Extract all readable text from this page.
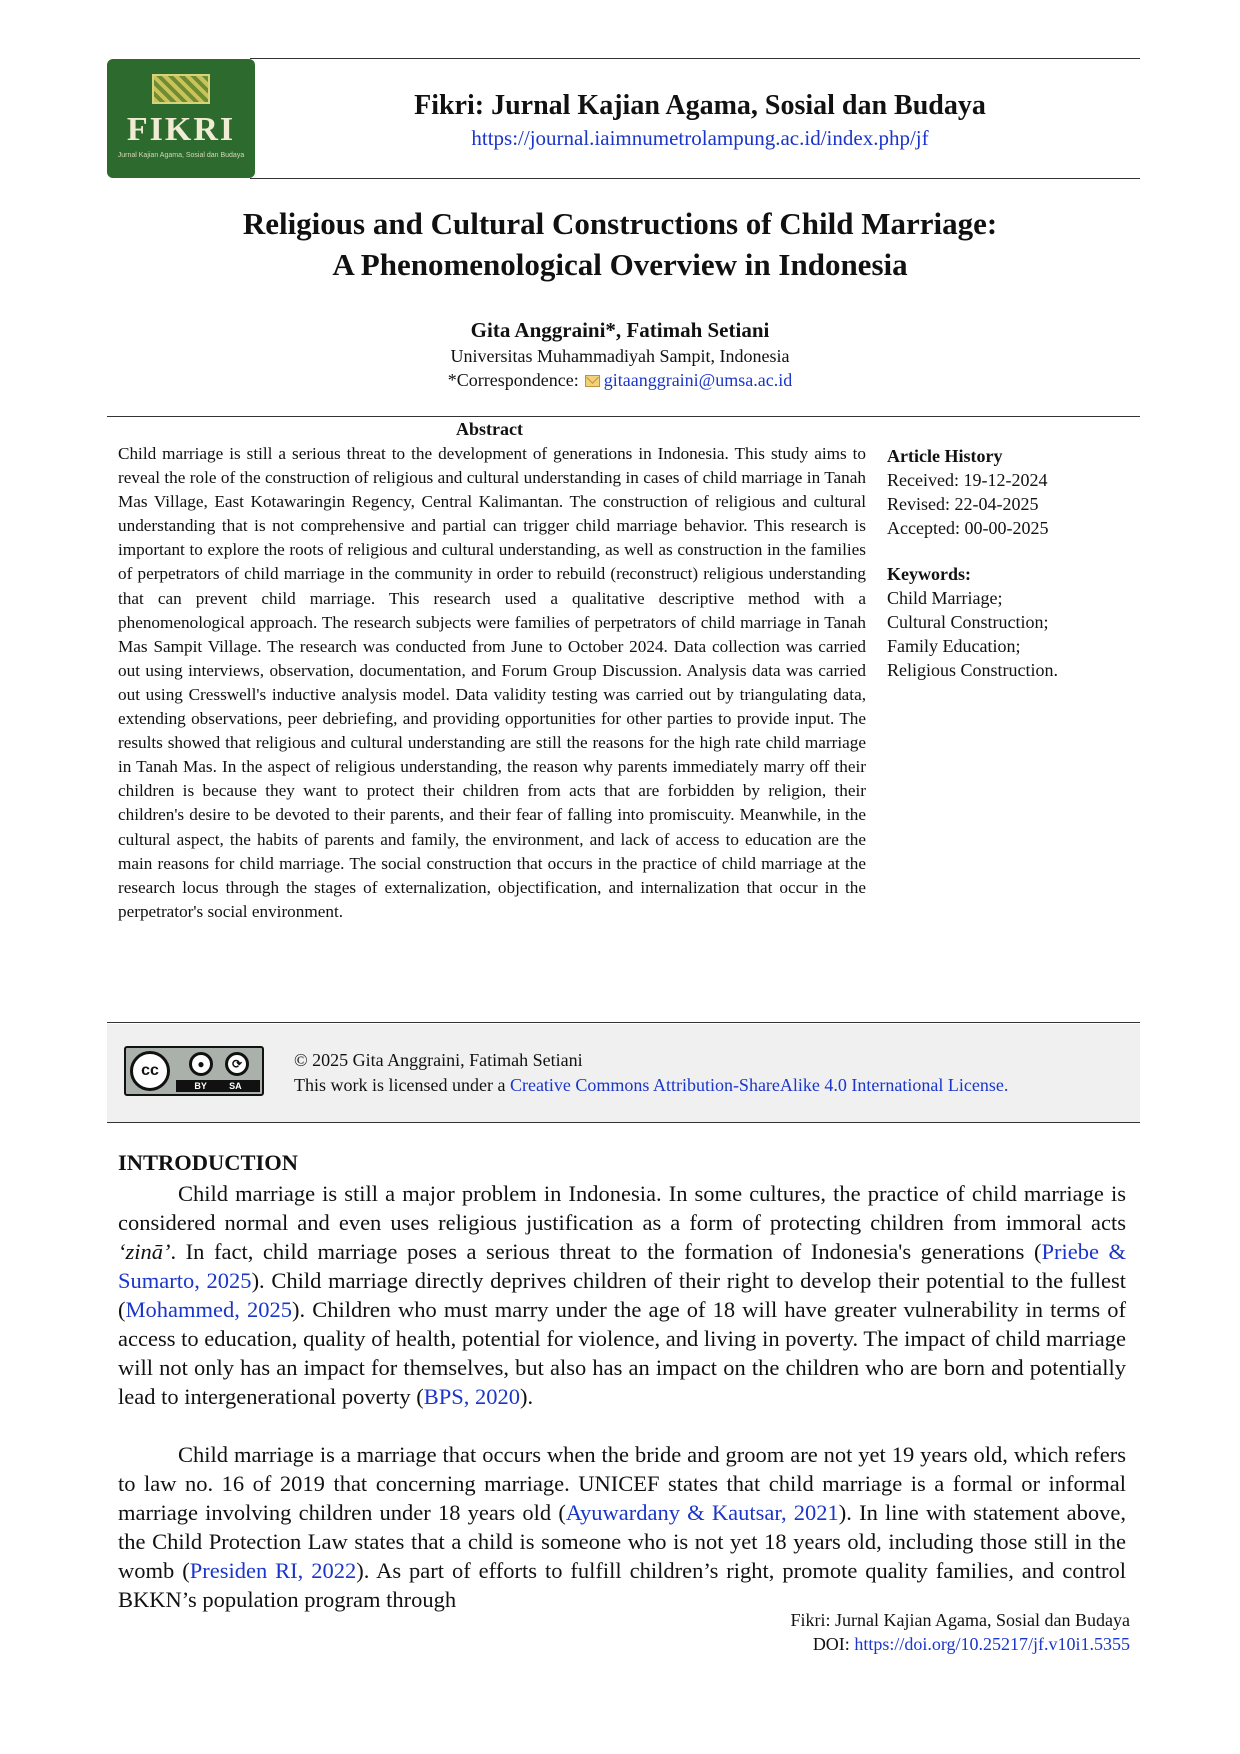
FIKRI
Jurnal Kajian Agama, Sosial dan Budaya
Fikri: Jurnal Kajian Agama, Sosial dan Budaya
https://journal.iaimnumetrolampung.ac.id/index.php/jf
Religious and Cultural Constructions of Child Marriage:
A Phenomenological Overview in Indonesia
Gita Anggraini*, Fatimah Setiani
Universitas Muhammadiyah Sampit, Indonesia
*Correspondence: gitaanggraini@umsa.ac.id
Abstract

Child marriage is still a serious threat to the development of generations in Indonesia. This study aims to reveal the role of the construction of religious and cultural understanding in cases of child marriage in Tanah Mas Village, East Kotawaringin Regency, Central Kalimantan. The construction of religious and cultural understanding that is not comprehensive and partial can trigger child marriage behavior. This research is important to explore the roots of religious and cultural understanding, as well as construction in the families of perpetrators of child marriage in the community in order to rebuild (reconstruct) religious understanding that can prevent child marriage. This research used a qualitative descriptive method with a phenomenological approach. The research subjects were families of perpetrators of child marriage in Tanah Mas Sampit Village. The research was conducted from June to October 2024. Data collection was carried out using interviews, observation, documentation, and Forum Group Discussion. Analysis data was carried out using Cresswell's inductive analysis model. Data validity testing was carried out by triangulating data, extending observations, peer debriefing, and providing opportunities for other parties to provide input. The results showed that religious and cultural understanding are still the reasons for the high rate child marriage in Tanah Mas. In the aspect of religious understanding, the reason why parents immediately marry off their children is because they want to protect their children from acts that are forbidden by religion, their children's desire to be devoted to their parents, and their fear of falling into promiscuity. Meanwhile, in the cultural aspect, the habits of parents and family, the environment, and lack of access to education are the main reasons for child marriage. The social construction that occurs in the practice of child marriage at the research locus through the stages of externalization, objectification, and internalization that occur in the perpetrator's social environment.

Article History
Received: 19-12-2024
Revised: 22-04-2025
Accepted: 00-00-2025
Keywords:
Child Marriage;
Cultural Construction;
Family Education;
Religious Construction.
cc	●	⟳
BY SA
© 2025 Gita Anggraini, Fatimah Setiani
This work is licensed under a Creative Commons Attribution-ShareAlike 4.0 International License.
INTRODUCTION

Child marriage is still a major problem in Indonesia. In some cultures, the practice of child marriage is considered normal and even uses religious justification as a form of protecting children from immoral acts ‘zinā’. In fact, child marriage poses a serious threat to the formation of Indonesia's generations (Priebe & Sumarto, 2025). Child marriage directly deprives children of their right to develop their potential to the fullest (Mohammed, 2025). Children who must marry under the age of 18 will have greater vulnerability in terms of access to education, quality of health, potential for violence, and living in poverty. The impact of child marriage will not only has an impact for themselves, but also has an impact on the children who are born and potentially lead to intergenerational poverty (BPS, 2020).

Child marriage is a marriage that occurs when the bride and groom are not yet 19 years old, which refers to law no. 16 of 2019 that concerning marriage. UNICEF states that child marriage is a formal or informal marriage involving children under 18 years old (Ayuwardany & Kautsar, 2021). In line with statement above, the Child Protection Law states that a child is someone who is not yet 18 years old, including those still in the womb (Presiden RI, 2022). As part of efforts to fulfill children’s right, promote quality families, and control BKKN’s population program through

Fikri: Jurnal Kajian Agama, Sosial dan Budaya
DOI: https://doi.org/10.25217/jf.v10i1.5355
